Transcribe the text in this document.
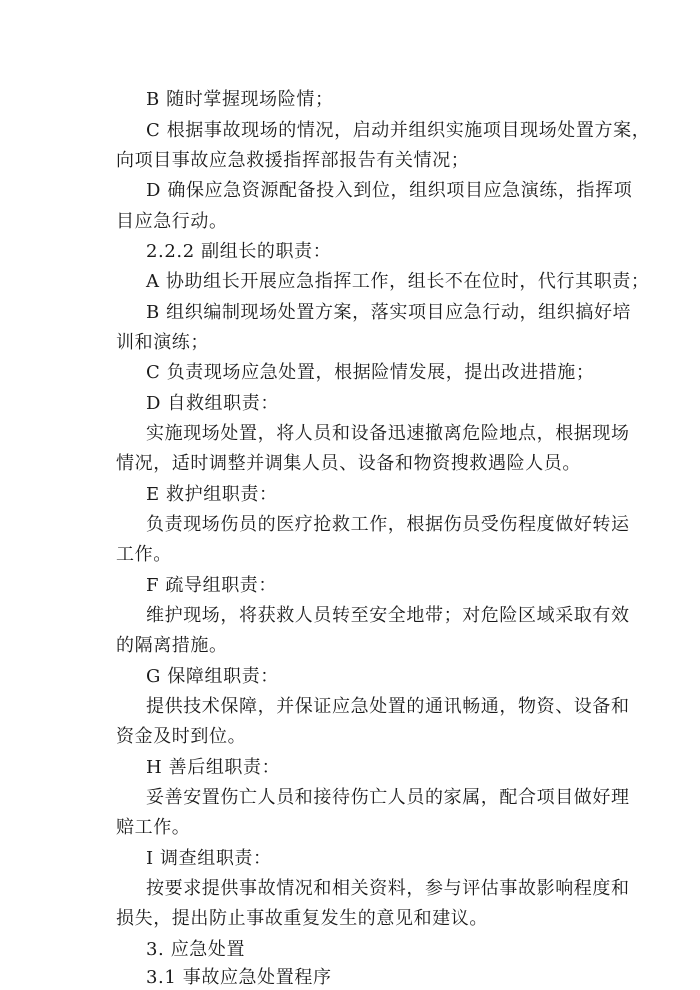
B 随时掌握现场险情；
C 根据事故现场的情况，启动并组织实施项目现场处置方案，
向项目事故应急救援指挥部报告有关情况；
D 确保应急资源配备投入到位，组织项目应急演练，指挥项
目应急行动。
2.2.2 副组长的职责：
A 协助组长开展应急指挥工作，组长不在位时，代行其职责；
B 组织编制现场处置方案，落实项目应急行动，组织搞好培
训和演练；
C 负责现场应急处置，根据险情发展，提出改进措施；
D 自救组职责：
实施现场处置，将人员和设备迅速撤离危险地点，根据现场
情况，适时调整并调集人员、设备和物资搜救遇险人员。
E 救护组职责：
负责现场伤员的医疗抢救工作，根据伤员受伤程度做好转运
工作。
F 疏导组职责：
维护现场，将获救人员转至安全地带；对危险区域采取有效
的隔离措施。
G 保障组职责：
提供技术保障，并保证应急处置的通讯畅通，物资、设备和
资金及时到位。
H 善后组职责：
妥善安置伤亡人员和接待伤亡人员的家属，配合项目做好理
赔工作。
I 调查组职责：
按要求提供事故情况和相关资料，参与评估事故影响程度和
损失，提出防止事故重复发生的意见和建议。
3. 应急处置
3.1 事故应急处置程序
